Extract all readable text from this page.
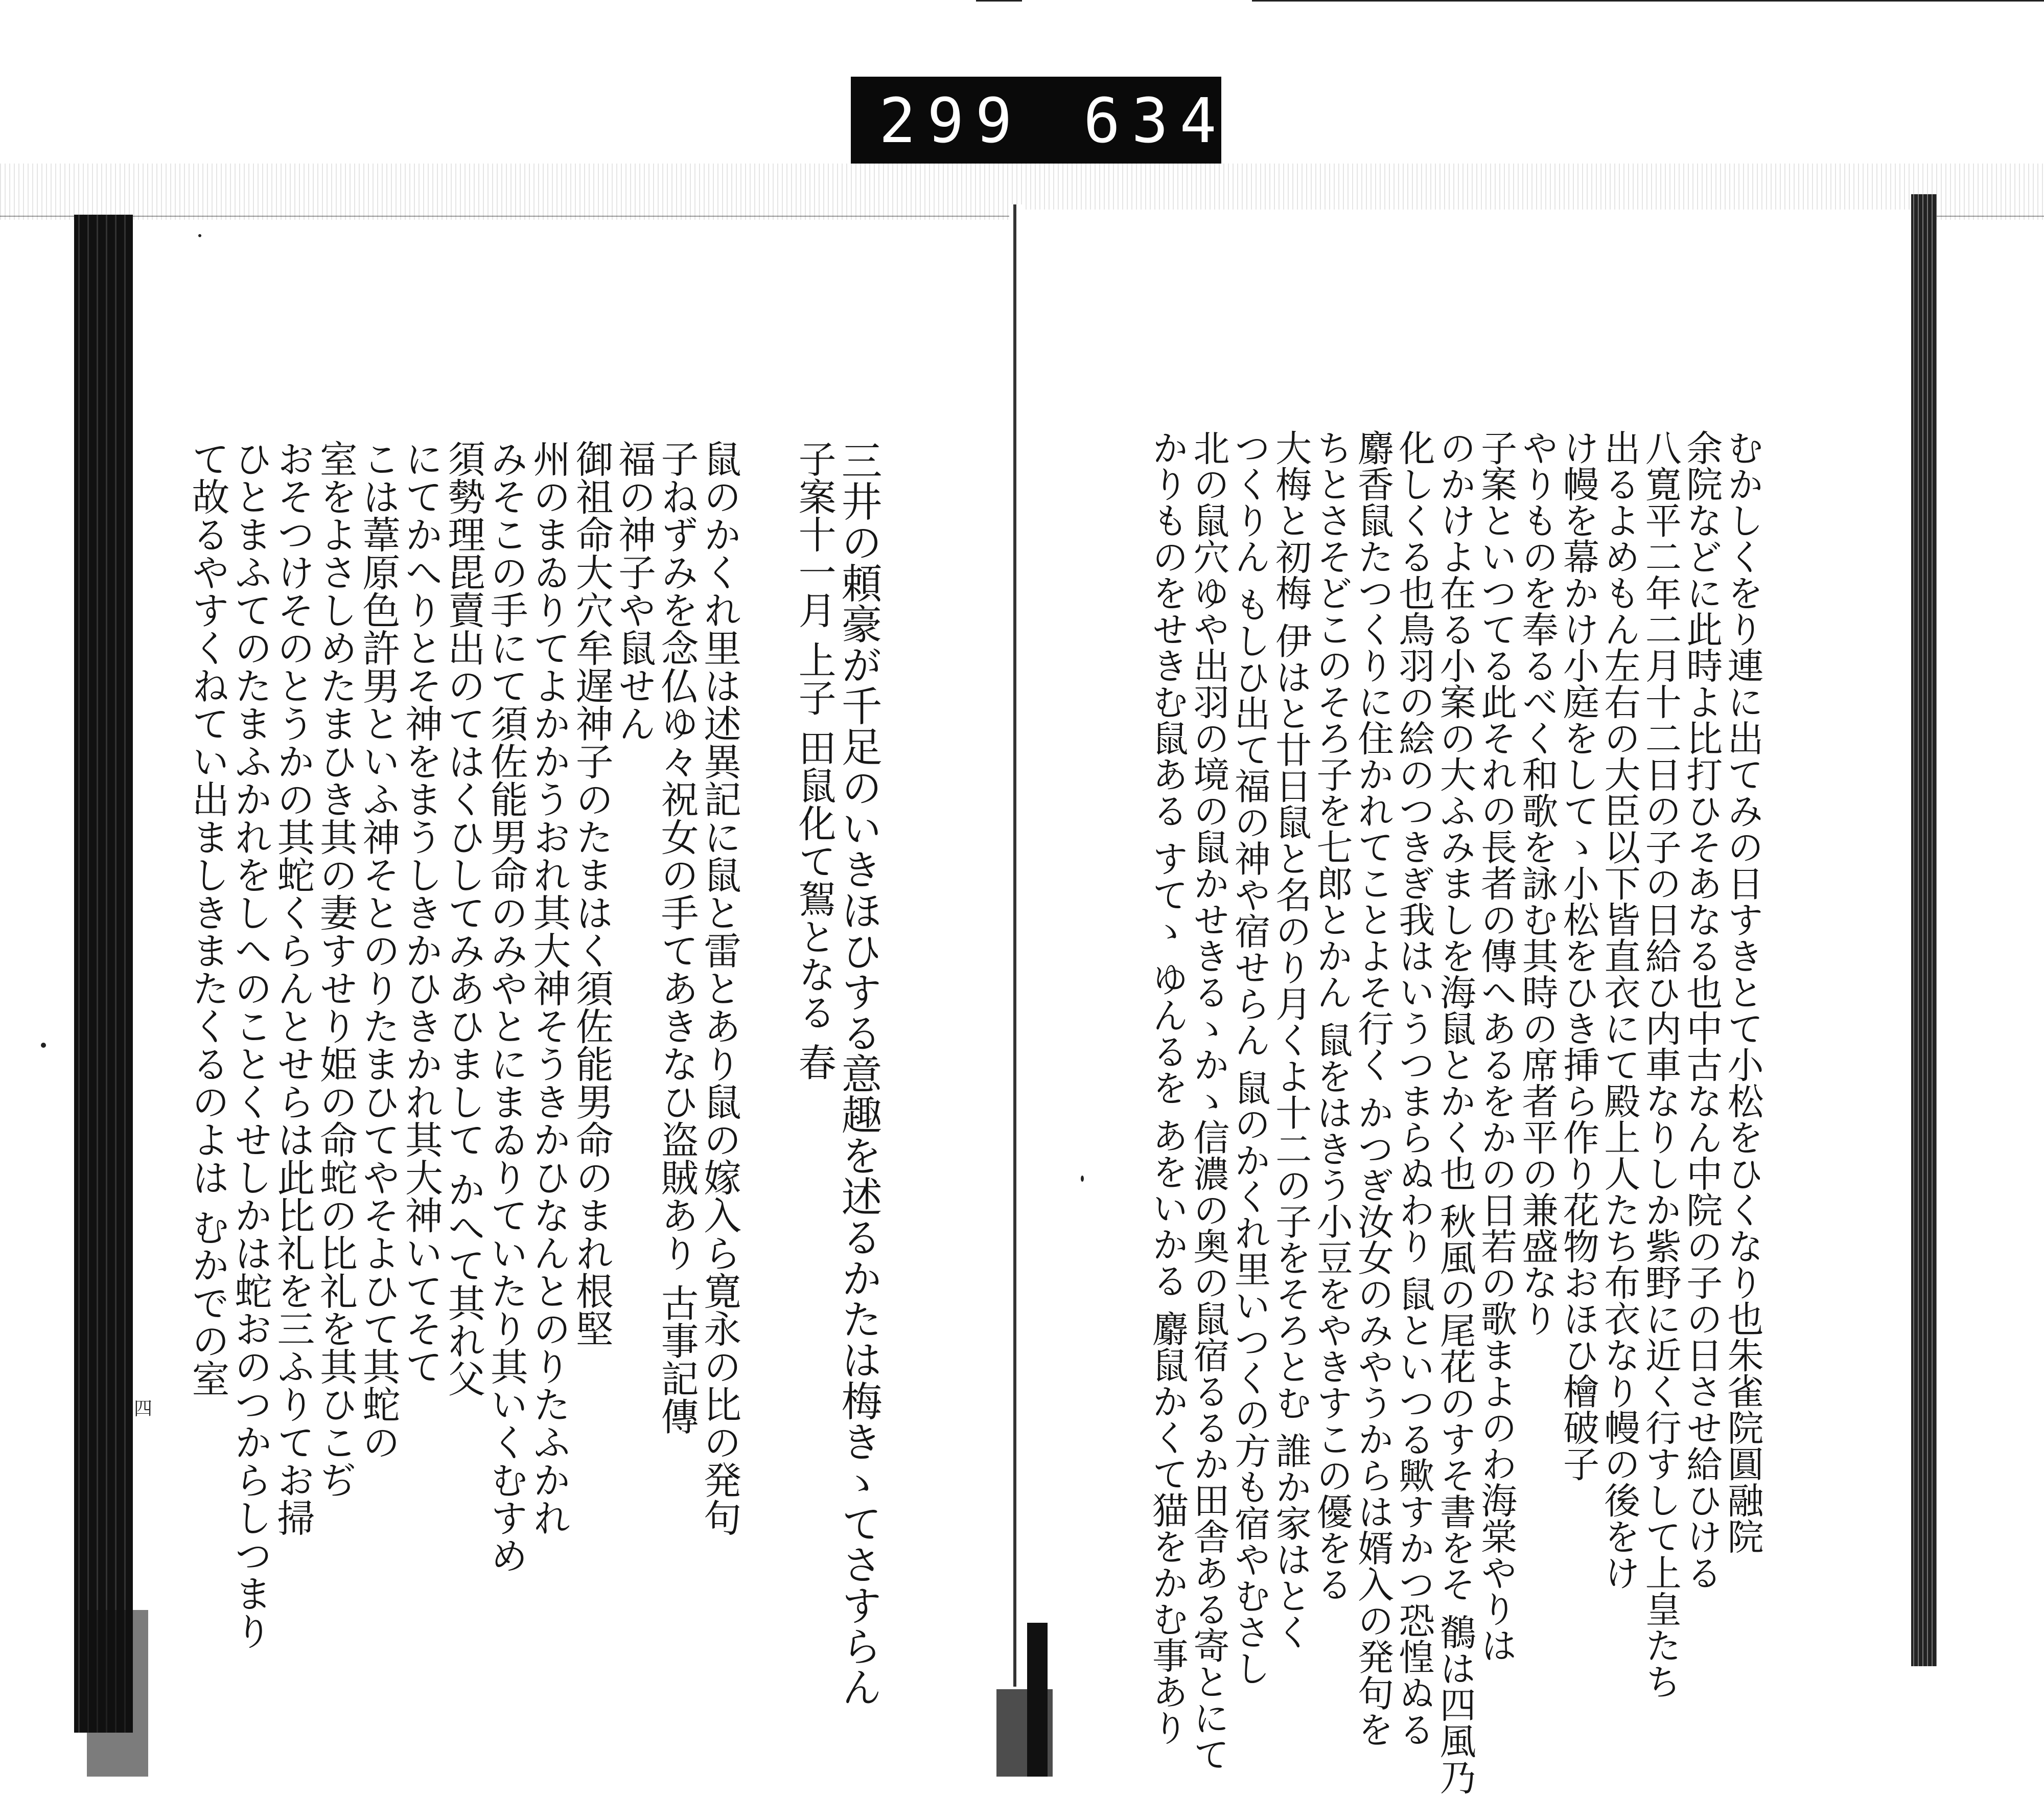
299 634.
三井の頼豪が千足のいきほひする意趣を述るかたは梅きゝてさすらん
子案十一月 上子 田鼠化て鴽となる 春
鼠のかくれ里は述異記に鼠と雷とあり鼠の嫁入ら寛永の比の発句
子ねずみを念仏ゆ々祝女の手てあきなひ盗賊あり 古事記傳
福の神子や鼠せん
御祖命大穴牟遅神子のたまはく須佐能男命のまれ根堅
州のまゐりてよかかうおれ其大神そうきかひなんとのりたふかれ
みそこの手にて須佐能男命のみやとにまゐりていたり其いくむすめ
須勢理毘賣出のてはくひしてみあひまして かへて其れ父
にてかへりとそ神をまうしきかひきかれ其大神いてそて
こは葦原色許男といふ神そとのりたまひてやそよひて其蛇の
室をよさしめたまひき其の妻すせり姫の命蛇の比礼を其ひこぢ
おそつけそのとうかの其蛇くらんとせらは此比礼を三ふりてお掃
ひとまふてのたまふかれをしへのことくせしかは蛇おのつからしつまり
て故るやすくねてい出ましきまたくるのよは むかでの室
四	むかしくをり連に出てみの日すきとて小松をひくなり也朱雀院圓融院
余院などに此時よ比打ひそあなる也中古なん中院の子の日させ給ひける
八寛平二年二月十二日の子の日給ひ内車なりしか紫野に近く行すして上皇たち
出るよめもん左右の大臣以下皆直衣にて殿上人たち布衣なり幔の後をけ
け幔を幕かけ小庭をしてゝ小松をひき挿ら作り花物おほひ檜破子
やりものを奉るべく和歌を詠む其時の席者平の兼盛なり
子案といつてる此それの長者の傳へあるをかの日若の歌まよのわ海棠やりは
のかけよ在る小案の大ふみましを海鼠とかく也 秋風の尾花のすそ書をそ 鶺は四風乃
化しくる也鳥羽の絵のつきぎ我はいうつまらぬわり 鼠といつる歟すかつ恐惶ぬる
麝香鼠たつくりに住かれてことよそ行く かつぎ汝女のみやうからは婿入の発句を
ちとさそどこのそろ子を七郎とかん 鼠をはきう小豆をやきすこの優をる
大梅と初梅 伊はと廿日鼠と名のり月くよ十二の子をそろとむ 誰か家はとく
つくりん もしひ出て福の神や宿せらん 鼠のかくれ里いつくの方も宿やむさし
北の鼠穴ゆや出羽の境の鼠かせきるゝかゝ信濃の奥の鼠宿るるか田舎ある寄とにて
かりものをせきむ鼠ある すてゝ ゆんるを あをいかる 麝鼠かくて猫をかむ事あり
